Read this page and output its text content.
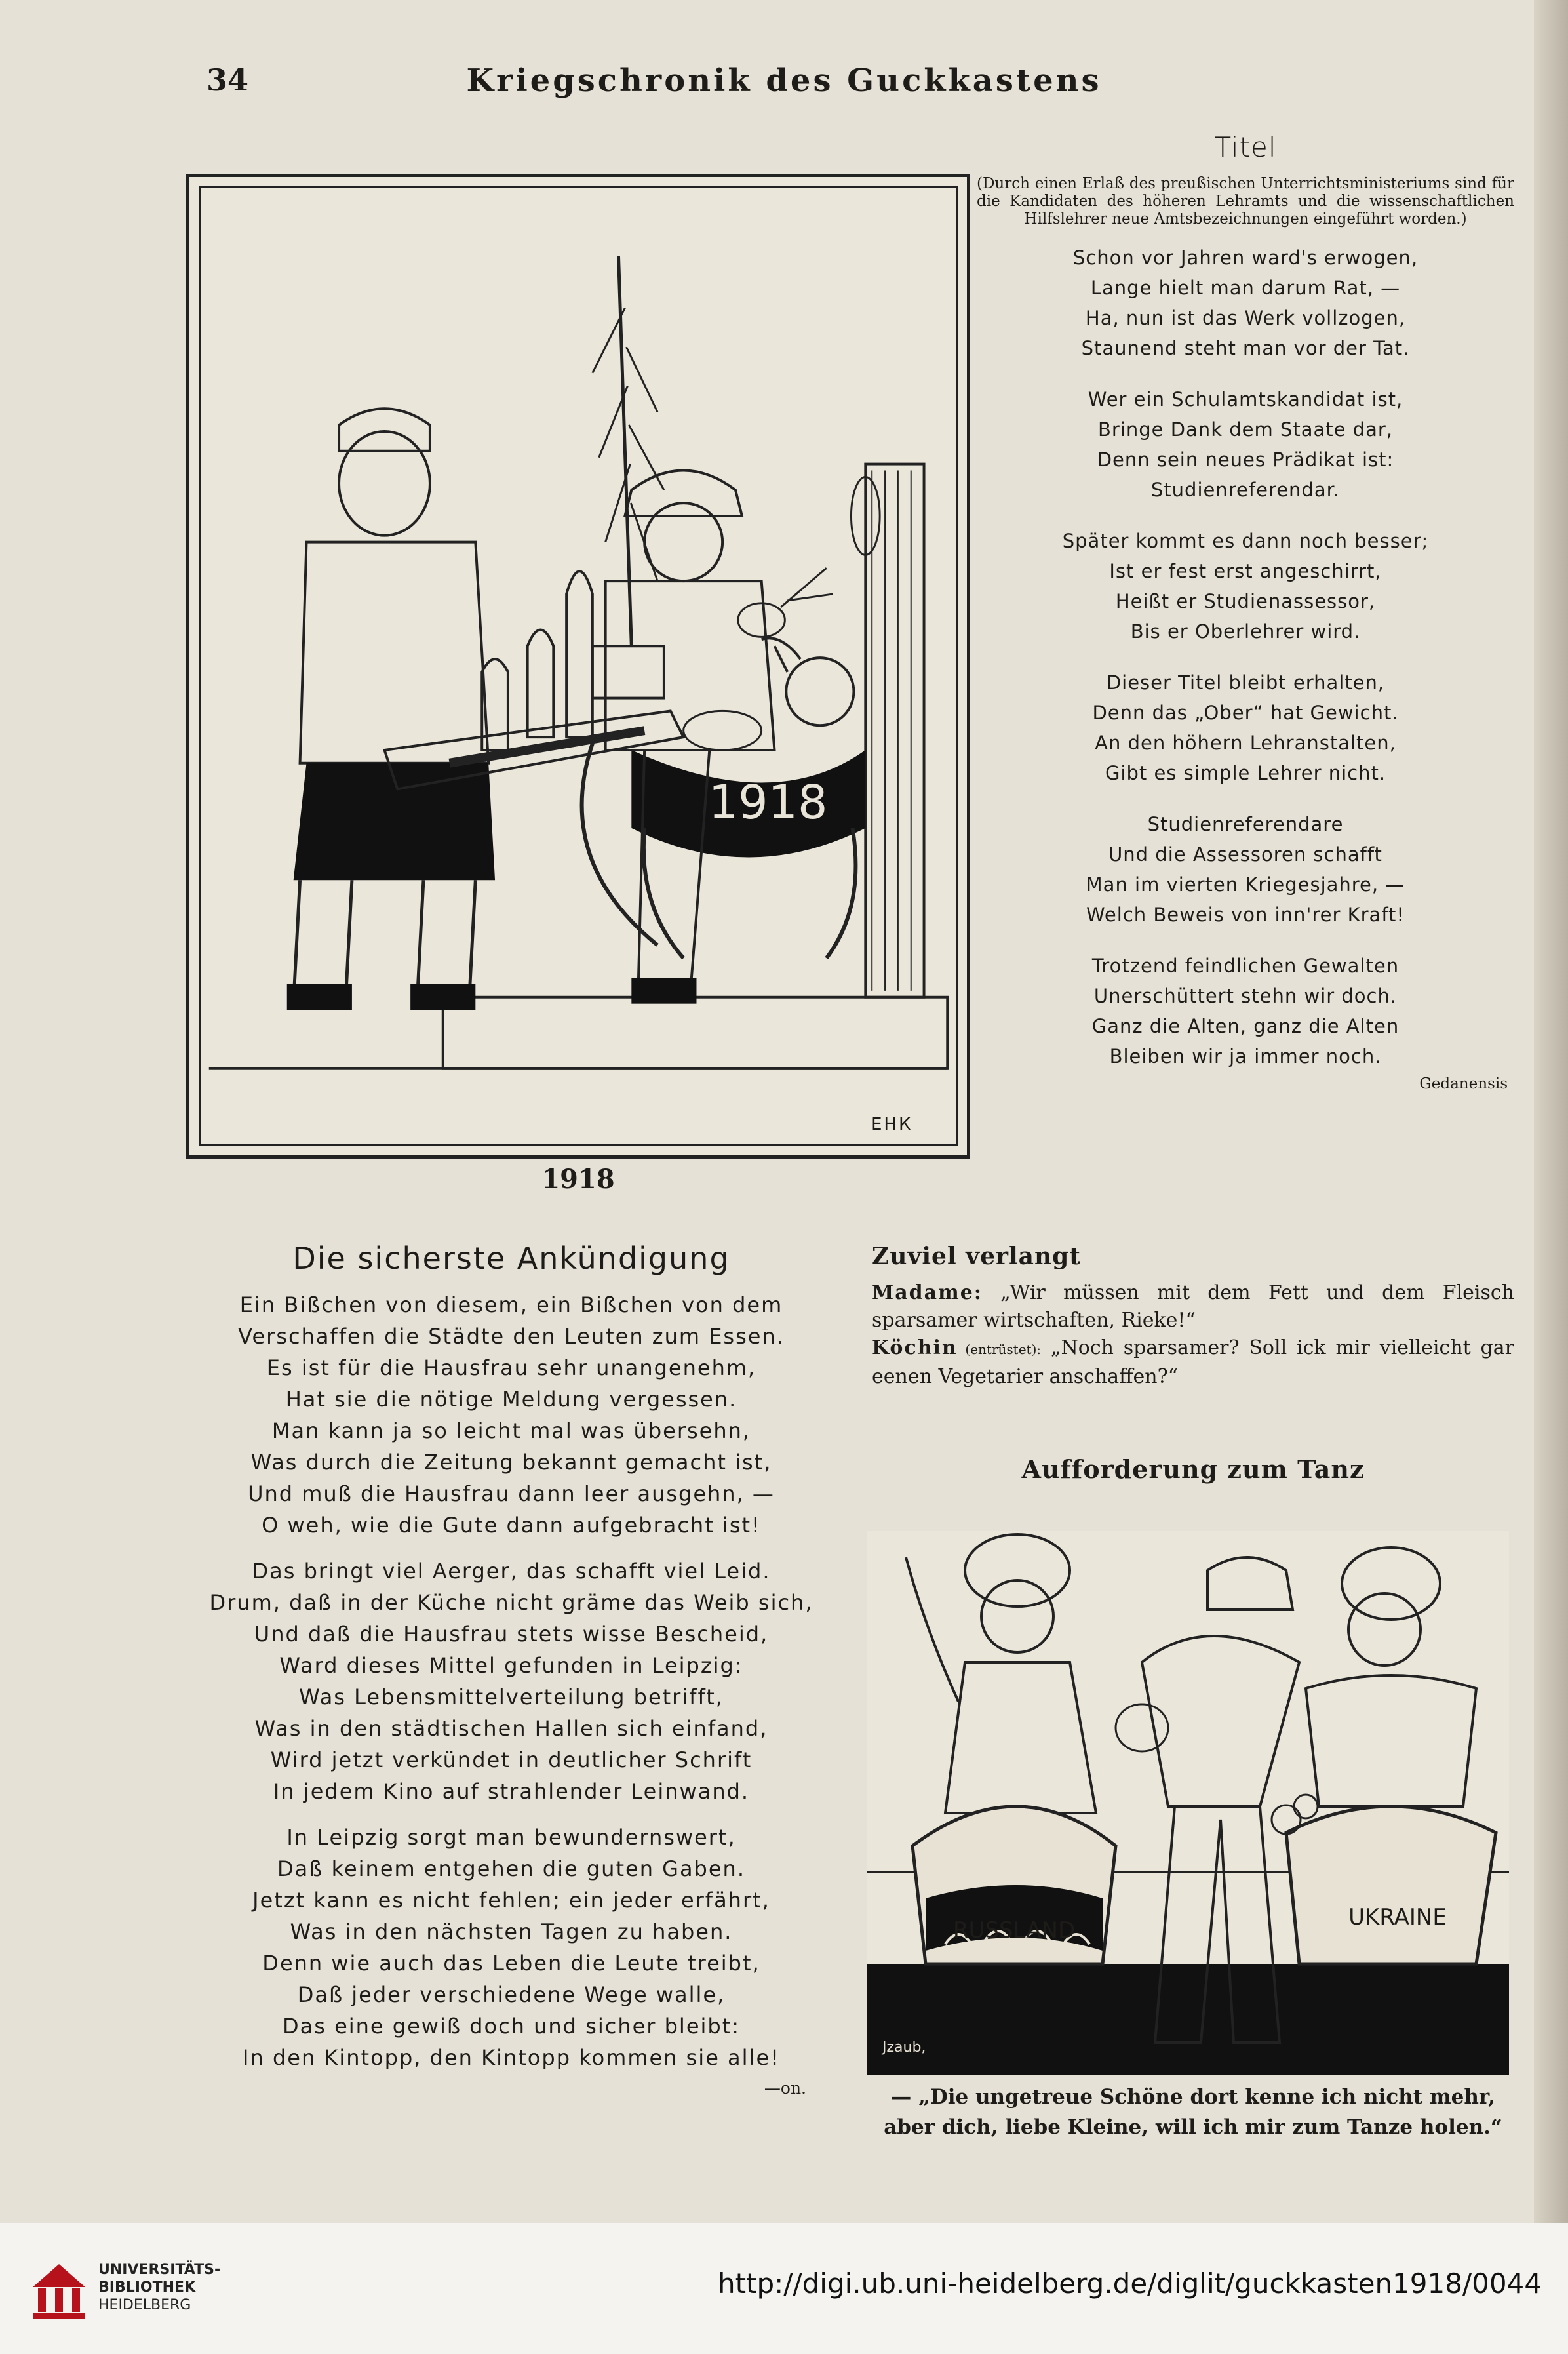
34	Kriegschronik des Guckkastens
1918
ЕНК
1918
Titel
(Durch einen Erlaß des preußischen Unterrichtsministeriums sind für die Kandidaten des höheren Lehramts und die wissenschaftlichen Hilfslehrer neue Amtsbezeichnungen eingeführt worden.)
Schon vor Jahren ward's erwogen,
Lange hielt man darum Rat, —
Ha, nun ist das Werk vollzogen,
Staunend steht man vor der Tat.
Wer ein Schulamtskandidat ist,
Bringe Dank dem Staate dar,
Denn sein neues Prädikat ist:
Studienreferendar.
Später kommt es dann noch besser;
Ist er fest erst angeschirrt,
Heißt er Studienassessor,
Bis er Oberlehrer wird.
Dieser Titel bleibt erhalten,
Denn das „Ober“ hat Gewicht.
An den höhern Lehranstalten,
Gibt es simple Lehrer nicht.
Studienreferendare
Und die Assessoren schafft
Man im vierten Kriegesjahre, —
Welch Beweis von inn'rer Kraft!
Trotzend feindlichen Gewalten
Unerschüttert stehn wir doch.
Ganz die Alten, ganz die Alten
Bleiben wir ja immer noch.
Gedanensis
Die sicherste Ankündigung
Ein Bißchen von diesem, ein Bißchen von dem
Verschaffen die Städte den Leuten zum Essen.
Es ist für die Hausfrau sehr unangenehm,
Hat sie die nötige Meldung vergessen.
Man kann ja so leicht mal was übersehn,
Was durch die Zeitung bekannt gemacht ist,
Und muß die Hausfrau dann leer ausgehn, —
O weh, wie die Gute dann aufgebracht ist!
Das bringt viel Aerger, das schafft viel Leid.
Drum, daß in der Küche nicht gräme das Weib sich,
Und daß die Hausfrau stets wisse Bescheid,
Ward dieses Mittel gefunden in Leipzig:
Was Lebensmittelverteilung betrifft,
Was in den städtischen Hallen sich einfand,
Wird jetzt verkündet in deutlicher Schrift
In jedem Kino auf strahlender Leinwand.
In Leipzig sorgt man bewundernswert,
Daß keinem entgehen die guten Gaben.
Jetzt kann es nicht fehlen; ein jeder erfährt,
Was in den nächsten Tagen zu haben.
Denn wie auch das Leben die Leute treibt,
Daß jeder verschiedene Wege walle,
Das eine gewiß doch und sicher bleibt:
In den Kintopp, den Kintopp kommen sie alle!
—on.
Zuviel verlangt
Madame: „Wir müssen mit dem Fett und dem Fleisch sparsamer wirtschaften, Rieke!“
Köchin (entrüstet): „Noch sparsamer? Soll ick mir vielleicht gar eenen Vegetarier anschaffen?“
Aufforderung zum Tanz
RUSSLAND	UKRAINE
Jzaub,
— „Die ungetreue Schöne dort kenne ich nicht mehr, aber dich, liebe Kleine, will ich mir zum Tanze holen.“
UNIVERSITÄTS-
BIBLIOTHEK
HEIDELBERG
http://digi.ub.uni-heidelberg.de/diglit/guckkasten1918/0044
